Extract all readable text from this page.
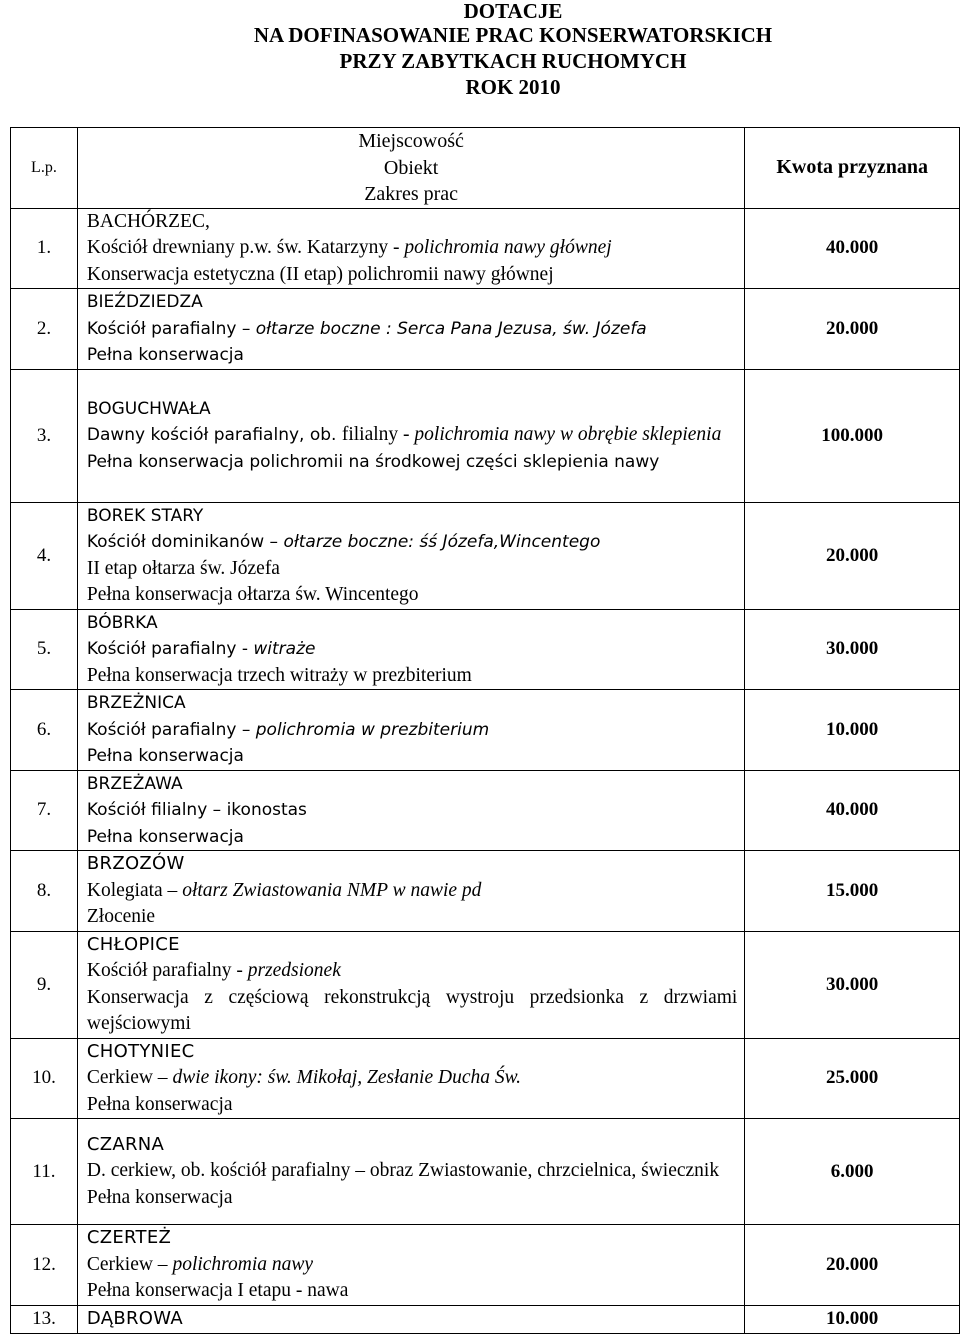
DOTACJE
NA DOFINASOWANIE PRAC KONSERWATORSKICH
PRZY ZABYTKACH RUCHOMYCH
ROK 2010
L.p.	Miejscowość
Obiekt
Zakres prac	Kwota przyznana
1.	BACHÓRZEC,
Kościół drewniany p.w. św. Katarzyny - polichromia nawy głównej
Konserwacja estetyczna (II etap) polichromii nawy głównej	40.000
2.	BIEŹDZIEDZA
Kościół parafialny – ołtarze boczne : Serca Pana Jezusa, św. Józefa
Pełna konserwacja	20.000
3.	BOGUCHWAŁA
Dawny kościół parafialny, ob. filialny - polichromia nawy w obrębie sklepienia
Pełna konserwacja polichromii na środkowej części sklepienia nawy	100.000
4.	BOREK STARY
Kościół dominikanów – ołtarze boczne: śś Józefa,Wincentego
II etap ołtarza św. Józefa
Pełna konserwacja ołtarza św. Wincentego	20.000
5.	BÓBRKA
Kościół parafialny - witraże
Pełna konserwacja trzech witraży w prezbiterium	30.000
6.	BRZEŻNICA
Kościół parafialny – polichromia w prezbiterium
Pełna konserwacja	10.000
7.	BRZEŻAWA
Kościół filialny – ikonostas
Pełna konserwacja	40.000
8.	BRZOZÓW
Kolegiata – ołtarz Zwiastowania NMP w nawie pd
Złocenie	15.000
9.	CHŁOPICE
Kościół parafialny - przedsionek
Konserwacja z częściową rekonstrukcją wystroju przedsionka z drzwiami wejściowymi	30.000
10.	CHOTYNIEC
Cerkiew – dwie ikony: św. Mikołaj, Zesłanie Ducha Św.
Pełna konserwacja	25.000
11.	CZARNA
D. cerkiew, ob. kościół parafialny – obraz Zwiastowanie, chrzcielnica, świecznik
Pełna konserwacja	6.000
12.	CZERTEŻ
Cerkiew – polichromia nawy
Pełna konserwacja I etapu - nawa	20.000
13.	DĄBROWA	10.000
